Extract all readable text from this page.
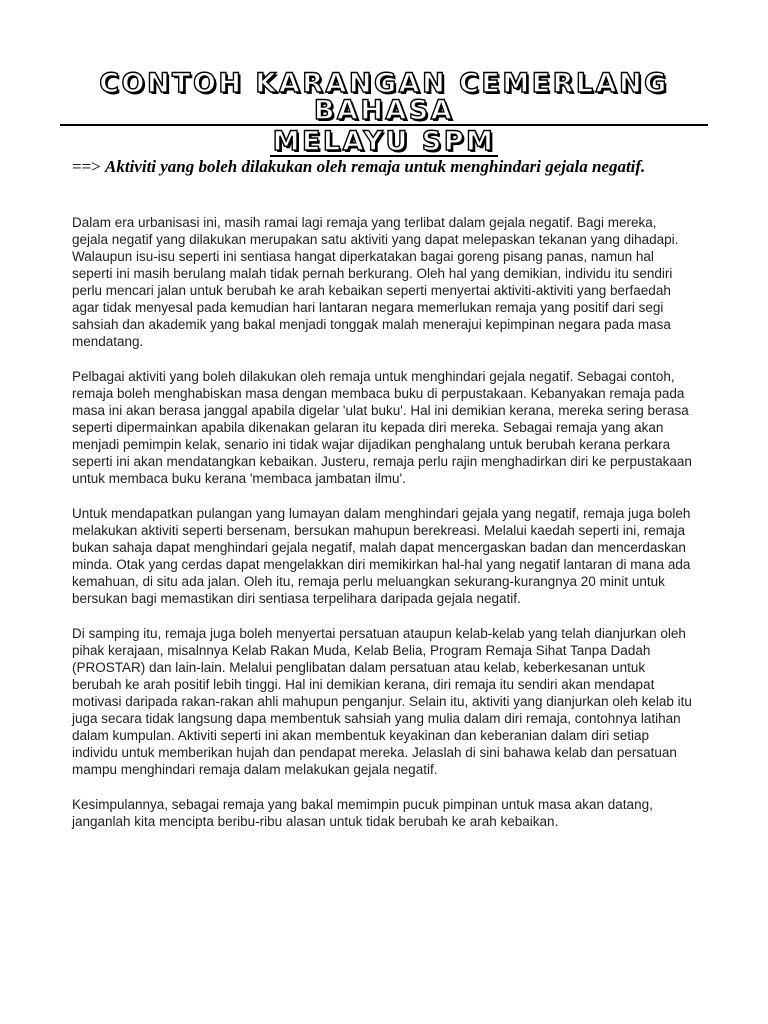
CONTOH KARANGAN CEMERLANG BAHASA
MELAYU SPM
==> Aktiviti yang boleh dilakukan oleh remaja untuk menghindari gejala negatif.

Dalam era urbanisasi ini, masih ramai lagi remaja yang terlibat dalam gejala negatif. Bagi mereka, gejala negatif yang dilakukan merupakan satu aktiviti yang dapat melepaskan tekanan yang dihadapi. Walaupun isu-isu seperti ini sentiasa hangat diperkatakan bagai goreng pisang panas, namun hal seperti ini masih berulang malah tidak pernah berkurang. Oleh hal yang demikian, individu itu sendiri perlu mencari jalan untuk berubah ke arah kebaikan seperti menyertai aktiviti-aktiviti yang berfaedah agar tidak menyesal pada kemudian hari lantaran negara memerlukan remaja yang positif dari segi sahsiah dan akademik yang bakal menjadi tonggak malah menerajui kepimpinan negara pada masa mendatang.

Pelbagai aktiviti yang boleh dilakukan oleh remaja untuk menghindari gejala negatif. Sebagai contoh, remaja boleh menghabiskan masa dengan membaca buku di perpustakaan. Kebanyakan remaja pada masa ini akan berasa janggal apabila digelar 'ulat buku'. Hal ini demikian kerana, mereka sering berasa seperti dipermainkan apabila dikenakan gelaran itu kepada diri mereka. Sebagai remaja yang akan menjadi pemimpin kelak, senario ini tidak wajar dijadikan penghalang untuk berubah kerana perkara seperti ini akan mendatangkan kebaikan. Justeru, remaja perlu rajin menghadirkan diri ke perpustakaan untuk membaca buku kerana 'membaca jambatan ilmu'.

Untuk mendapatkan pulangan yang lumayan dalam menghindari gejala yang negatif, remaja juga boleh melakukan aktiviti seperti bersenam, bersukan mahupun berekreasi. Melalui kaedah seperti ini, remaja bukan sahaja dapat menghindari gejala negatif, malah dapat mencergaskan badan dan mencerdaskan minda. Otak yang cerdas dapat mengelakkan diri memikirkan hal-hal yang negatif lantaran di mana ada kemahuan, di situ ada jalan. Oleh itu, remaja perlu meluangkan sekurang-kurangnya 20 minit untuk bersukan bagi memastikan diri sentiasa terpelihara daripada gejala negatif.

Di samping itu, remaja juga boleh menyertai persatuan ataupun kelab-kelab yang telah dianjurkan oleh pihak kerajaan, misalnnya Kelab Rakan Muda, Kelab Belia, Program Remaja Sihat Tanpa Dadah (PROSTAR) dan lain-lain. Melalui penglibatan dalam persatuan atau kelab, keberkesanan untuk berubah ke arah positif lebih tinggi. Hal ini demikian kerana, diri remaja itu sendiri akan mendapat motivasi daripada rakan-rakan ahli mahupun penganjur. Selain itu, aktiviti yang dianjurkan oleh kelab itu juga secara tidak langsung dapa membentuk sahsiah yang mulia dalam diri remaja, contohnya latihan dalam kumpulan. Aktiviti seperti ini akan membentuk keyakinan dan keberanian dalam diri setiap individu untuk memberikan hujah dan pendapat mereka. Jelaslah di sini bahawa kelab dan persatuan mampu menghindari remaja dalam melakukan gejala negatif.

Kesimpulannya, sebagai remaja yang bakal memimpin pucuk pimpinan untuk masa akan datang, janganlah kita mencipta beribu-ribu alasan untuk tidak berubah ke arah kebaikan.
